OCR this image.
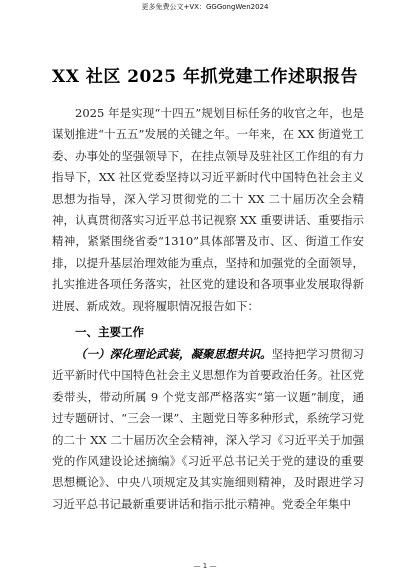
更多免费公文+VX：GGGongWen2024
XX 社区 2025 年抓党建工作述职报告

2025 年是实现“十四五”规划目标任务的收官之年，也是谋划推进“十五五”发展的关键之年。一年来，在 XX 街道党工委、办事处的坚强领导下，在挂点领导及驻社区工作组的有力指导下，XX 社区党委坚持以习近平新时代中国特色社会主义思想为指导，深入学习贯彻党的二十 XX 二十届历次全会精神，认真贯彻落实习近平总书记视察 XX 重要讲话、重要指示精神，紧紧围绕省委“1310”具体部署及市、区、街道工作安排，以提升基层治理效能为重点，坚持和加强党的全面领导，扎实推进各项任务落实，社区党的建设和各项事业发展取得新进展、新成效。现将履职情况报告如下：

一、主要工作

（一）深化理论武装，凝聚思想共识。坚持把学习贯彻习近平新时代中国特色社会主义思想作为首要政治任务。社区党委带头，带动所属 9 个党支部严格落实“第一议题”制度，通过专题研讨、“三会一课”、主题党日等多种形式，系统学习党的二十 XX 二十届历次全会精神，深入学习《习近平关于加强党的作风建设论述摘编》《习近平总书记关于党的建设的重要思想概论》、中央八项规定及其实施细则精神，及时跟进学习习近平总书记最新重要讲话和指示批示精神。党委全年集中

— 1 —
